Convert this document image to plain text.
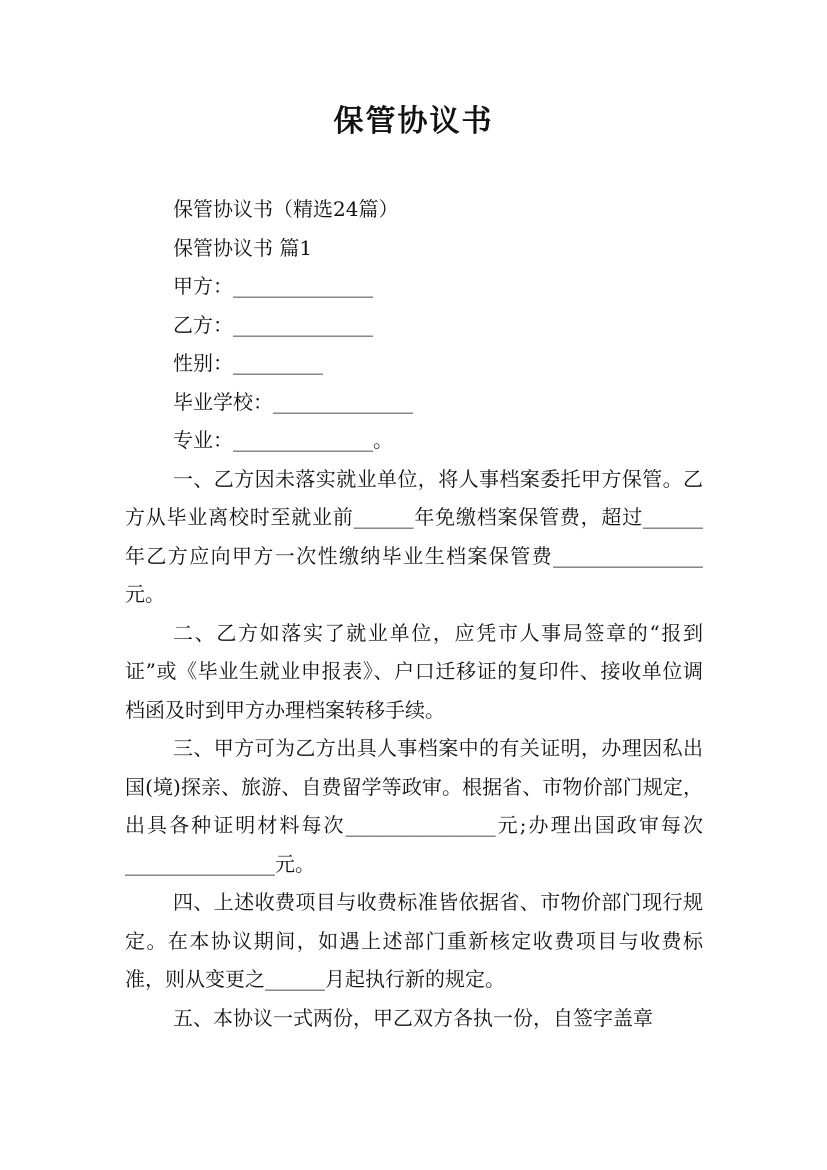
保管协议书

保管协议书（精选24篇）

保管协议书 篇1

甲方：______________

乙方：______________

性别：_________

毕业学校：______________

专业：______________。

一、乙方因未落实就业单位，将人事档案委托甲方保管。乙方从毕业离校时至就业前______年免缴档案保管费，超过______年乙方应向甲方一次性缴纳毕业生档案保管费_______________元。

二、乙方如落实了就业单位，应凭市人事局签章的“报到证”或《毕业生就业申报表》、户口迁移证的复印件、接收单位调档函及时到甲方办理档案转移手续。

三、甲方可为乙方出具人事档案中的有关证明，办理因私出国(境)探亲、旅游、自费留学等政审。根据省、市物价部门规定，出具各种证明材料每次_______________元;办理出国政审每次_______________元。

四、上述收费项目与收费标准皆依据省、市物价部门现行规定。在本协议期间，如遇上述部门重新核定收费项目与收费标准，则从变更之______月起执行新的规定。

五、本协议一式两份，甲乙双方各执一份，自签字盖章
